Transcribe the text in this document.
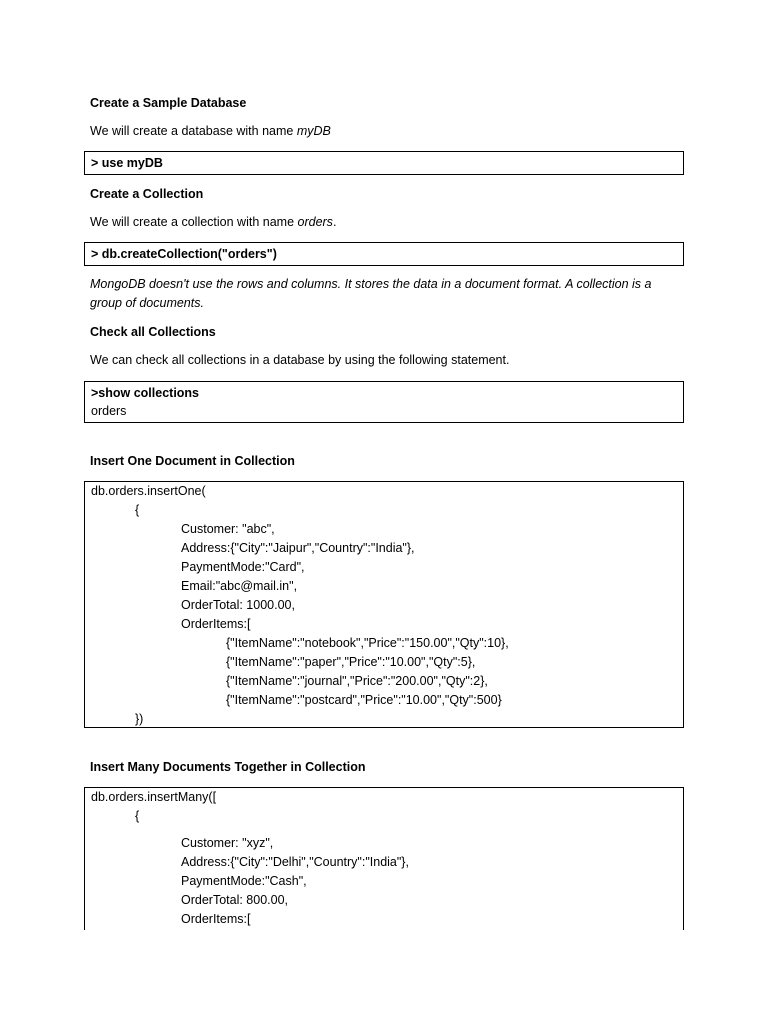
Create a Sample Database
We will create a database with name myDB
> use myDB
Create a Collection
We will create a collection with name orders.
> db.createCollection("orders")
MongoDB doesn't use the rows and columns. It stores the data in a document format. A collection is a
group of documents.
Check all Collections
We can check all collections in a database by using the following statement.
>show collections
orders
Insert One Document in Collection
db.orders.insertOne(
{
Customer: "abc",
Address:{"City":"Jaipur","Country":"India"},
PaymentMode:"Card",
Email:"abc@mail.in",
OrderTotal: 1000.00,
OrderItems:[
{"ItemName":"notebook","Price":"150.00","Qty":10},
{"ItemName":"paper","Price":"10.00","Qty":5},
{"ItemName":"journal","Price":"200.00","Qty":2},
{"ItemName":"postcard","Price":"10.00","Qty":500}
})
Insert Many Documents Together in Collection
db.orders.insertMany([
{
Customer: "xyz",
Address:{"City":"Delhi","Country":"India"},
PaymentMode:"Cash",
OrderTotal: 800.00,
OrderItems:[
